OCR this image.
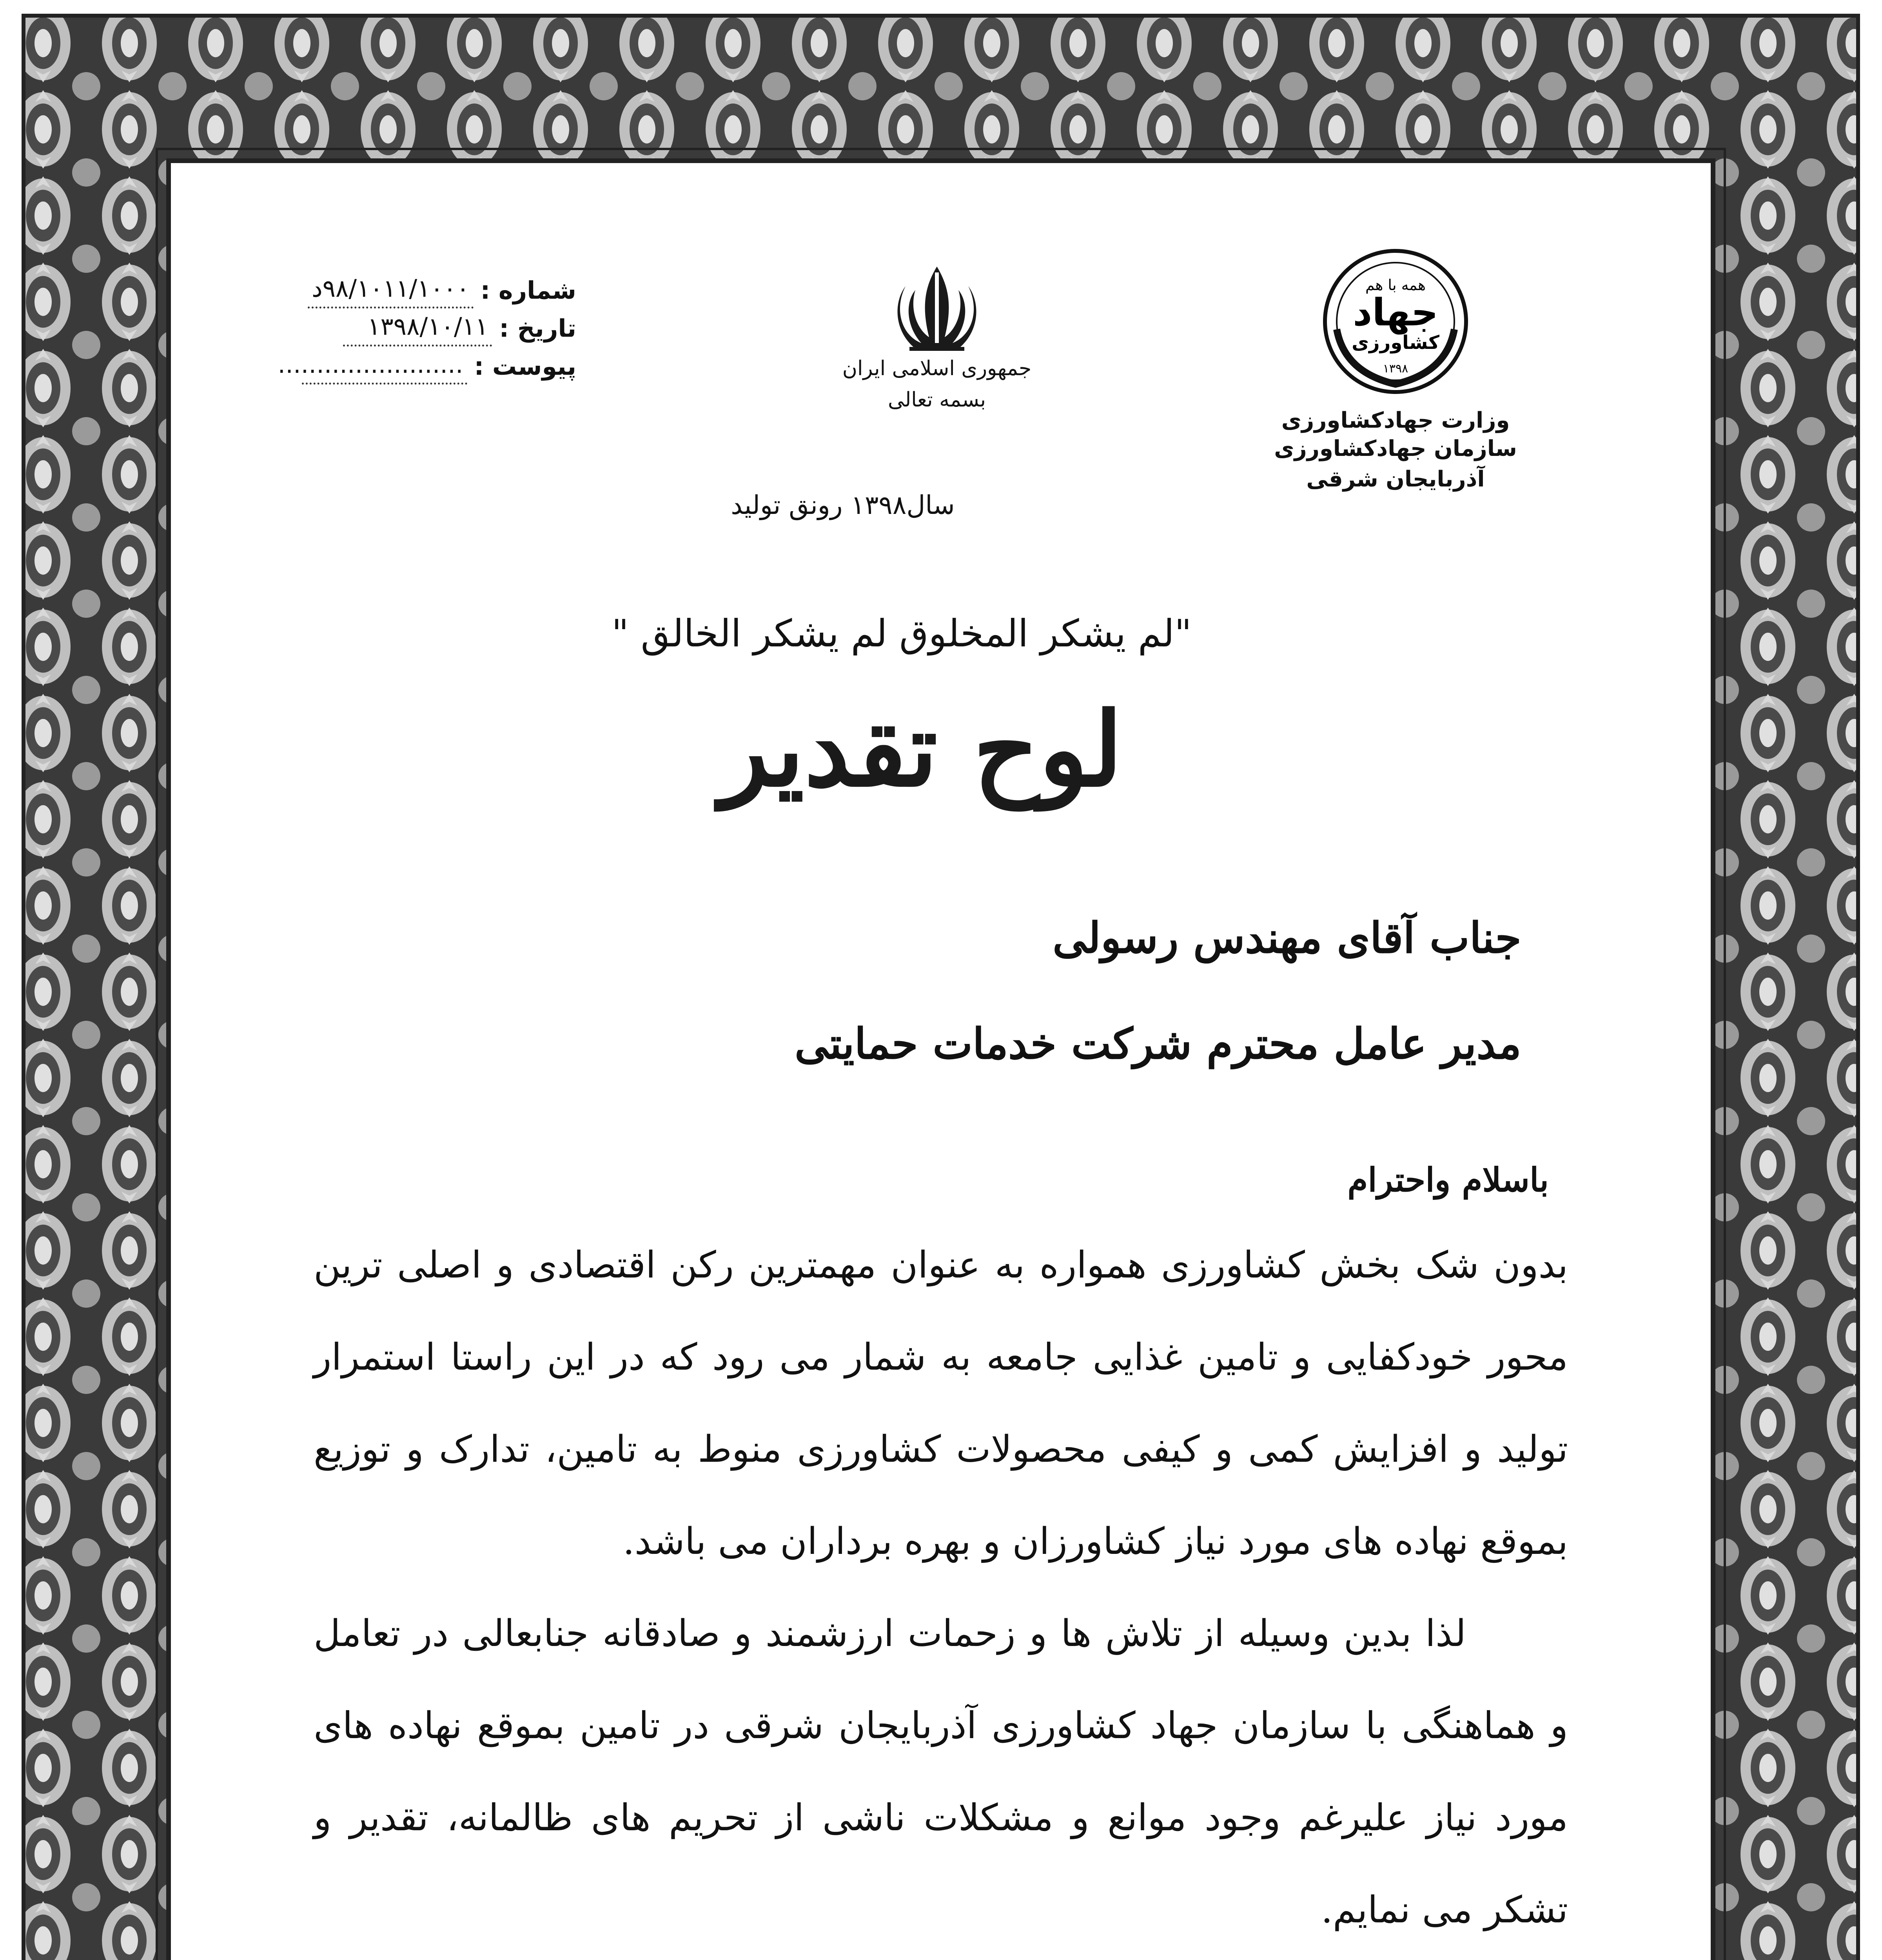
شماره :
۹۸/۱۰۱۱/۱۰۰۰د
تاریخ :
۱۳۹۸/۱۰/۱۱
پیوست :
........................	جمهوری اسلامی ایران
بسمه تعالی
همه با هم
جهاد
کشاورزی
۱۳۹۸
وزارت جهادکشاورزی
سازمان جهادکشاورزی آذربایجان شرقی
سال۱۳۹۸ رونق تولید
"لم یشکر المخلوق لم یشکر الخالق "
لوح تقدیر
جناب آقای مهندس رسولی
مدیر عامل محترم شرکت خدمات حمایتی
باسلام واحترام

بدون شک بخش کشاورزی همواره به عنوان مهمترین رکن اقتصادی و اصلی ترین محور خودکفایی و تامین غذایی جامعه به شمار می رود که در این راستا استمرار تولید و افزایش کمی و کیفی محصولات کشاورزی منوط به تامین، تدارک و توزیع بموقع نهاده های مورد نیاز کشاورزان و بهره برداران می باشد.

لذا بدین وسیله از تلاش ها و زحمات ارزشمند و صادقانه جنابعالی در تعامل و هماهنگی با سازمان جهاد کشاورزی آذربایجان شرقی در تامین بموقع نهاده های مورد نیاز علیرغم وجود موانع و مشکلات ناشی از تحریم های ظالمانه، تقدیر و تشکر می نمایم.
